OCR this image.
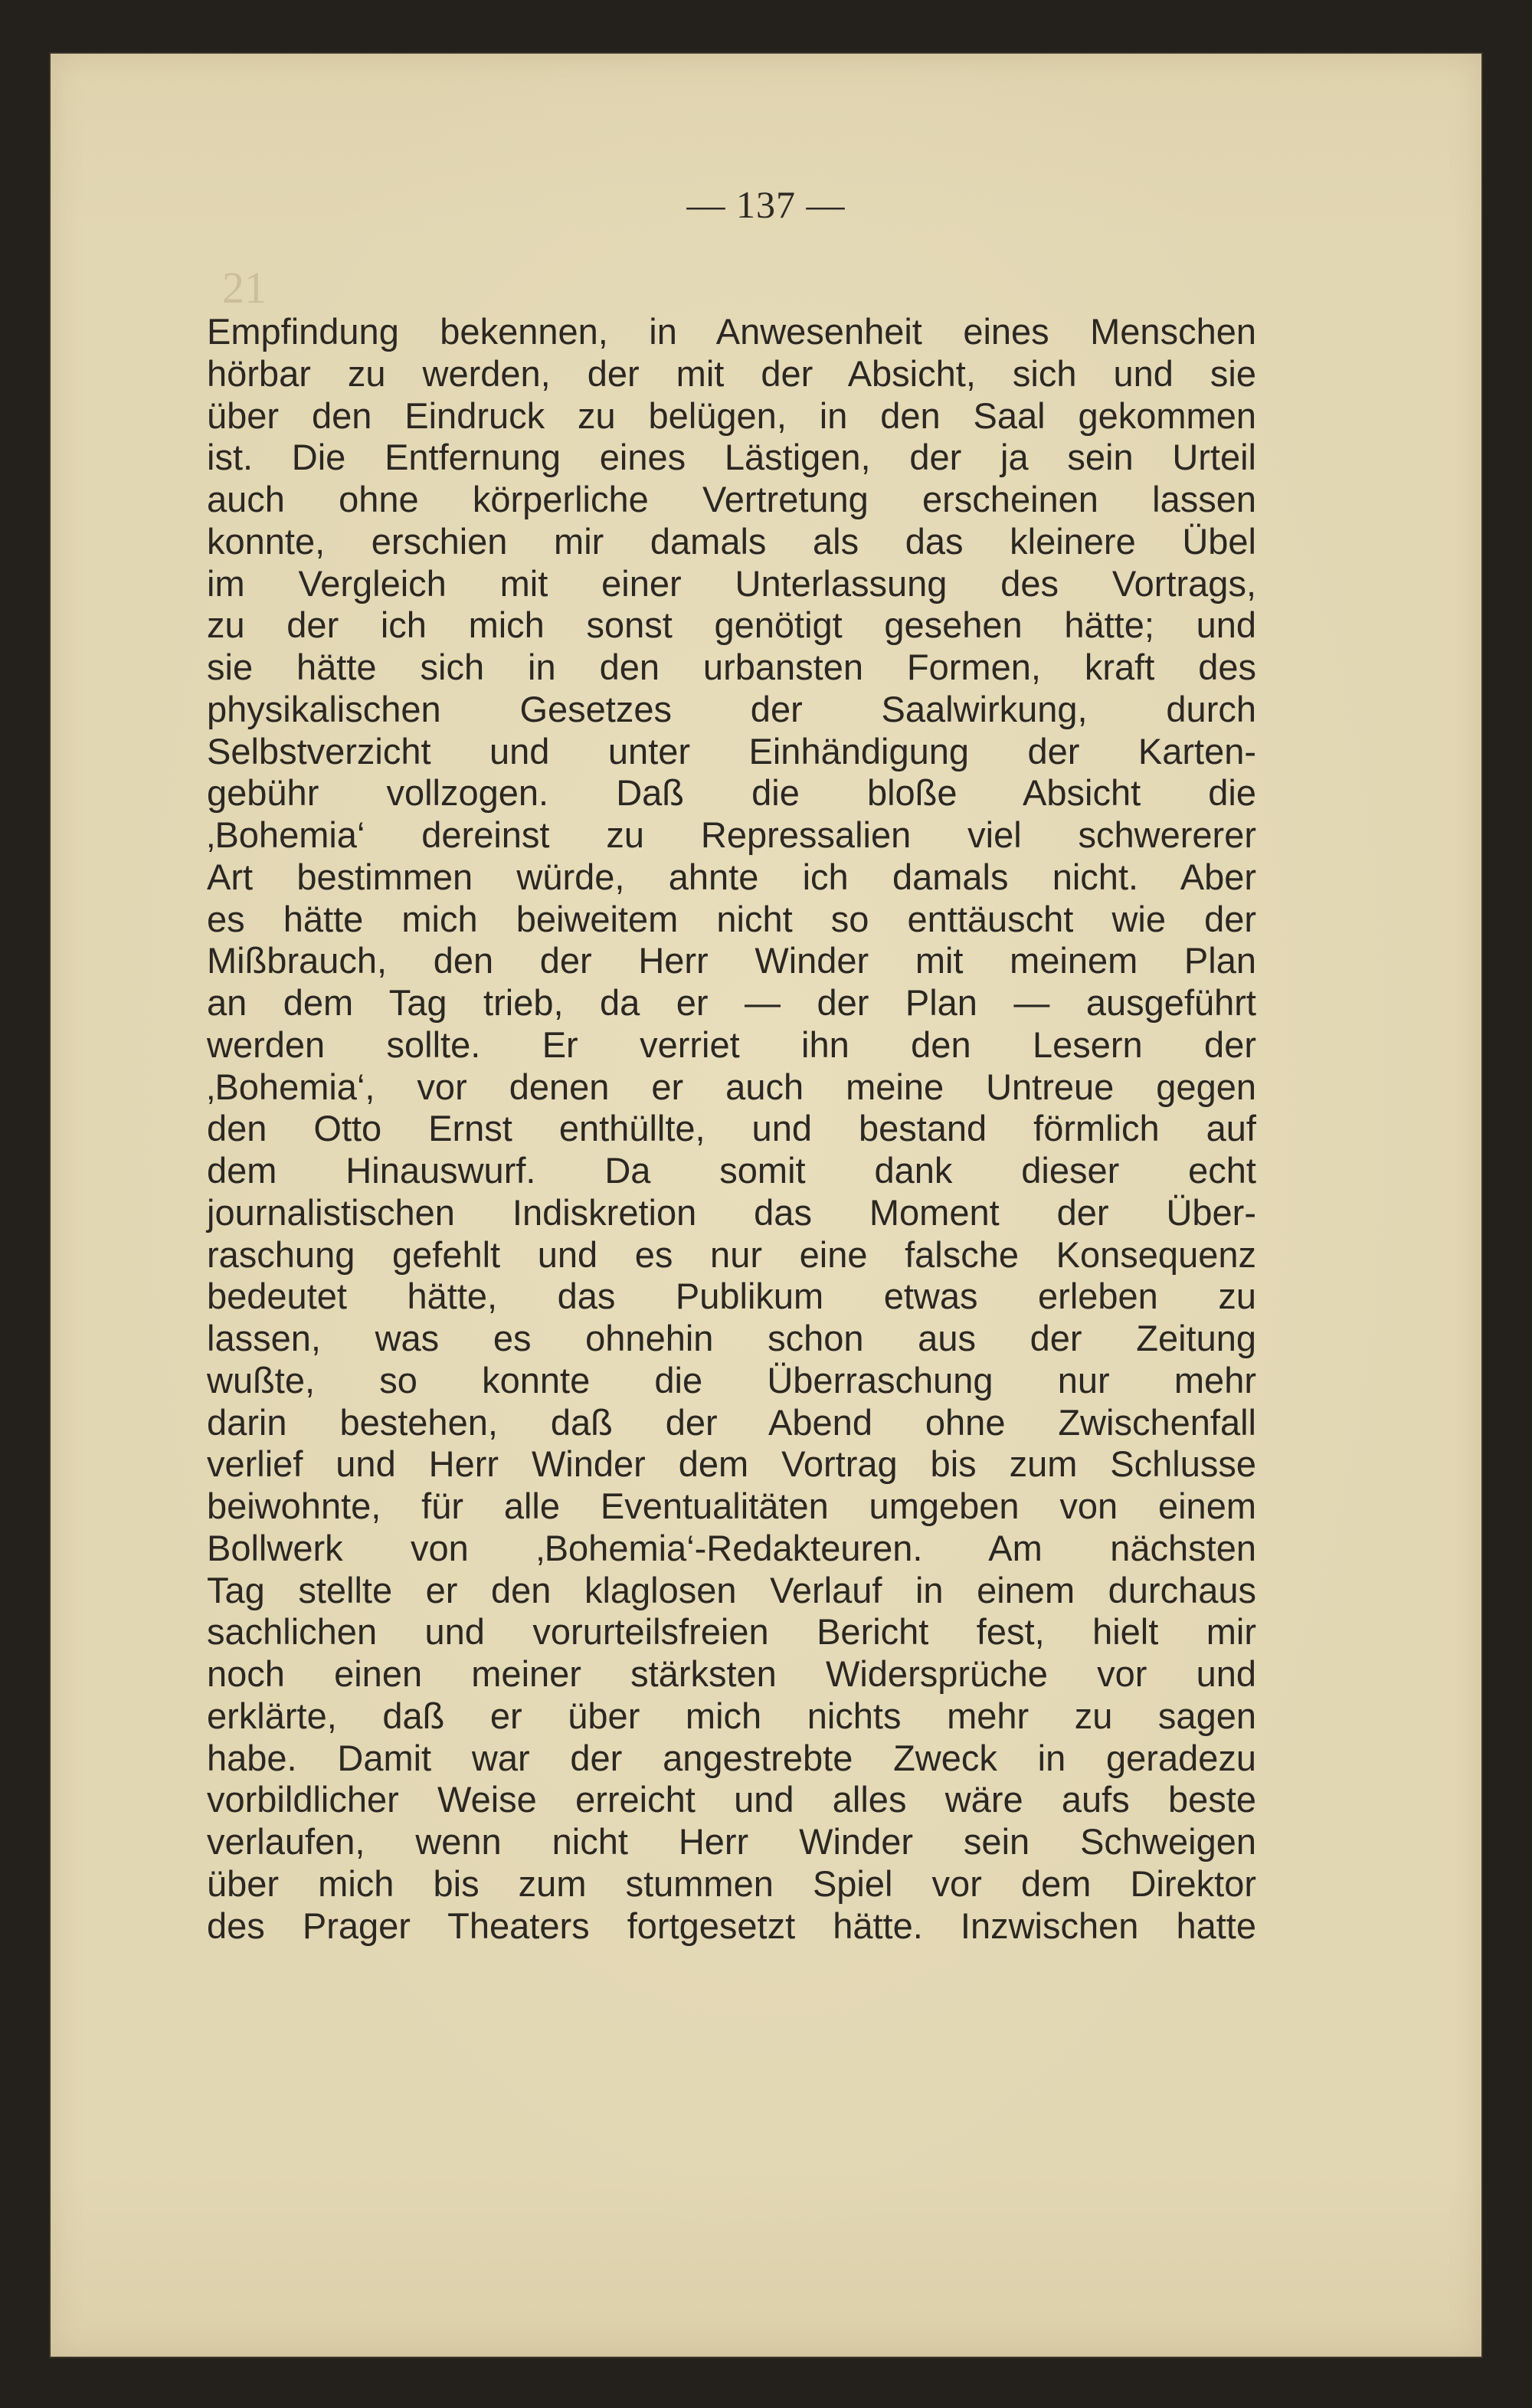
— 137 —
21
Empfindung bekennen, in Anwesenheit eines Menschen
hörbar zu werden, der mit der Absicht, sich und sie
über den Eindruck zu belügen, in den Saal gekommen
ist. Die Entfernung eines Lästigen, der ja sein Urteil
auch ohne körperliche Vertretung erscheinen lassen
konnte, erschien mir damals als das kleinere Übel
im Vergleich mit einer Unterlassung des Vortrags,
zu der ich mich sonst genötigt gesehen hätte; und
sie hätte sich in den urbansten Formen, kraft des
physikalischen Gesetzes der Saalwirkung, durch
Selbstverzicht und unter Einhändigung der Karten-
gebühr vollzogen. Daß die bloße Absicht die
‚Bohemia‘ dereinst zu Repressalien viel schwererer
Art bestimmen würde, ahnte ich damals nicht. Aber
es hätte mich beiweitem nicht so enttäuscht wie der
Mißbrauch, den der Herr Winder mit meinem Plan
an dem Tag trieb, da er — der Plan — ausgeführt
werden sollte. Er verriet ihn den Lesern der
‚Bohemia‘, vor denen er auch meine Untreue gegen
den Otto Ernst enthüllte, und bestand förmlich auf
dem Hinauswurf. Da somit dank dieser echt
journalistischen Indiskretion das Moment der Über-
raschung gefehlt und es nur eine falsche Konsequenz
bedeutet hätte, das Publikum etwas erleben zu
lassen, was es ohnehin schon aus der Zeitung
wußte, so konnte die Überraschung nur mehr
darin bestehen, daß der Abend ohne Zwischenfall
verlief und Herr Winder dem Vortrag bis zum Schlusse
beiwohnte, für alle Eventualitäten umgeben von einem
Bollwerk von ‚Bohemia‘-Redakteuren. Am nächsten
Tag stellte er den klaglosen Verlauf in einem durchaus
sachlichen und vorurteilsfreien Bericht fest, hielt mir
noch einen meiner stärksten Widersprüche vor und
erklärte, daß er über mich nichts mehr zu sagen
habe. Damit war der angestrebte Zweck in geradezu
vorbildlicher Weise erreicht und alles wäre aufs beste
verlaufen, wenn nicht Herr Winder sein Schweigen
über mich bis zum stummen Spiel vor dem Direktor
des Prager Theaters fortgesetzt hätte. Inzwischen hatte
